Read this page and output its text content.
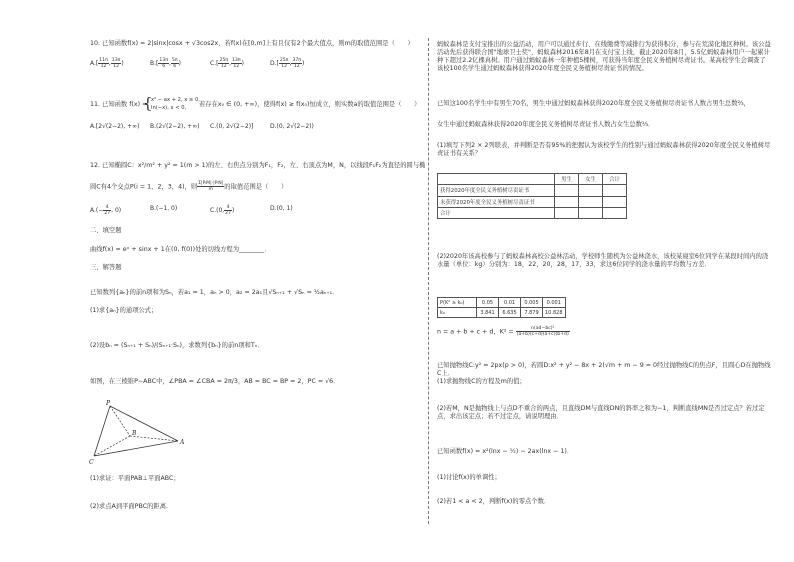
10. 已知函数f(x) = 2|sinx|cosx + √3cos2x，若f(x)在[0,m]上有且仅有2个最大值点，则m的取值范围是（　　）
$A.[ \frac{11\pi}{12}$ , $\frac{13\pi}{12}$ )	$B.[ \frac{13\pi}{6}$ , $\frac{5\pi}{6}$ )	$C.[ \frac{25\pi}{12}$ , $\frac{13\pi}{12}$ )	$D.[ \frac{25\pi}{12}$ , $\frac{37\pi}{12}$ )
11. 已知函数 f(x) =
{
x² − ax + 2, x ≥ 0,
ln(−x), x < 0, 若存在x₀ ∈ (0, +∞)，使得f(x) ≥ f(x₀)恒成立，则实数a的取值范围是（　　）
A.[2√(2−2), +∞) B.(2√(2−2), +∞) C.(0, 2√(2−2)]	D.(0, 2√(2−2))
12. 已知椭圆C：x²/m² + y² = 1(m > 1)的左、右焦点分别为F₁，F₂，左、右顶点为M，N，以线段F₁F₂为直径的圆与椭
圆C有4个交点P(i = 1，2，3，4)，则 $\frac{\text{Σ|PᵢM|·|PᵢN|}}{m}$ 的取值范围是（　　）
$A.(- \frac{4}{27}$ , 0)	B.(−1, 0)	C.(0, $\frac{4}{27}$ )	D.(0, 1)
二、填空题
曲线f(x) = eˣ + sinx + 1在(0, f(0))处的切线方程为________．
三、解答题
已知数列{aₙ}的前n项和为Sₙ，若a₁ = 1，aₙ > 0，a₂ = 2a₁且√Sₙ₊₁ + √Sₙ = ¹⁄₂aₙ₊₁．
(1)求{aₙ}的通项公式；
(2)设bₙ = (Sₙ₊₁ + Sₙ)/(Sₙ₊₁·Sₙ)，求数列{bₙ}的前n项和Tₙ．
如图，在三棱锥P−ABC中，∠PBA = ∠CBA = 2π/3，AB = BC = BP = 2，PC = √6．
P
A
B
C
(1)求证：平面PAB⊥平面ABC；
(2)求点A到平面PBC的距离．
蚂蚁森林是支付宝推出的公益活动，用户可以通过步行、在线缴费等减排行为获得积分，参与在荒漠化地区种树。该公益活动先后获得联合国"地球卫士奖"、蚂蚁森林2016年8月在支付宝上线，截止2020年8月，5.5亿蚂蚁森林用户一起累计种下超过2.2亿棵真树。用户通过蚂蚁森林一年种植5棵树，可获得当年度全民义务植树尽责证书。某高校学生会调查了该校100名学生通过蚂蚁森林获得2020年度全民义务植树尽责证书的情况。
已知这100名学生中有男生70名，男生中通过蚂蚁森林获得2020年度全民义务植树尽责证书人数占男生总数²⁄₃，
女生中通过蚂蚁森林获得2020年度全民义务植树尽责证书人数占女生总数¹⁄₃．
(1)填写下列2 × 2列联表，并判断是否有95%的把握认为该校学生的性别与通过蚂蚁森林获得2020年度全民义务植树尽责证书有关系？
	男生	女生	合计
获得2020年度全民义务植树尽责证书			
未获得2020年度全民义务植树尽责证书			
合计			
(2)2020年该高校参与了蚂蚁森林高校公益林活动，学校师生随机为公益林浇水，该校某寝室6位同学在某段时间内的浇水量（单位：kg）分别为：18，22，20，28，17，33，求这6位同学的浇水量的平均数与方差．
P(K² ≥ k₀)	0.05	0.01	0.005	0.001
k₀	3.841	6.635	7.879	10.828
n = a + b + c + d，$K^2 = \frac{\text{n(ad−bc)²}}{(a+b)(c+d)(a+c)(b+d)}$
已知抛物线C:y² = 2px(p > 0)，若圆D:x² + y² − 8x + 2(√m + m − 9 = 0经过抛物线C的焦点F，且圆心D在抛物线C上．
(1)求抛物线C的方程及m的值；
(2)若M，N是抛物线上与点D不重合的两点，且直线DM与直线DN的斜率之和为−1，判断直线MN是否过定点？若过定点，求出该定点；若不过定点，请说明理由．
已知函数f(x) = x²(lnx − ½) − 2ax(lnx − 1)．
(1)讨论f(x)的单调性；
(2)若1 < a < 2，判断f(x)的零点个数．
